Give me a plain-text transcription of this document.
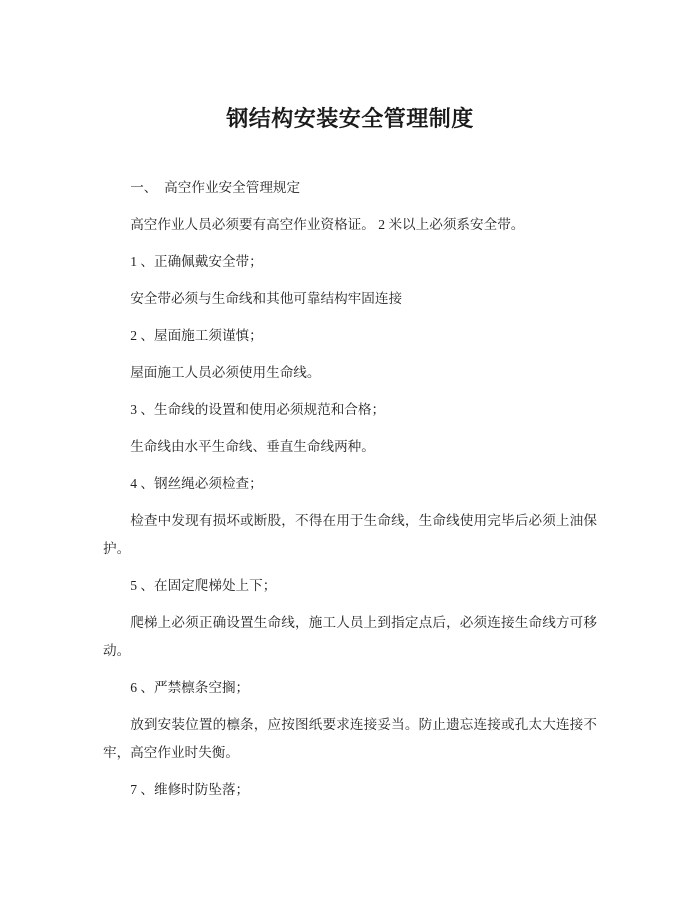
钢结构安装安全管理制度

一、 高空作业安全管理规定

高空作业人员必须要有高空作业资格证。 2 米以上必须系安全带。

1 、正确佩戴安全带；

安全带必须与生命线和其他可靠结构牢固连接

2 、屋面施工须谨慎；

屋面施工人员必须使用生命线。

3 、生命线的设置和使用必须规范和合格；

生命线由水平生命线、垂直生命线两种。

4 、钢丝绳必须检查；

检查中发现有损坏或断股，不得在用于生命线，生命线使用完毕后必须上油保护。

5 、在固定爬梯处上下；

爬梯上必须正确设置生命线，施工人员上到指定点后，必须连接生命线方可移动。

6 、严禁檩条空搁；

放到安装位置的檩条，应按图纸要求连接妥当。防止遗忘连接或孔太大连接不牢，高空作业时失衡。

7 、维修时防坠落；
